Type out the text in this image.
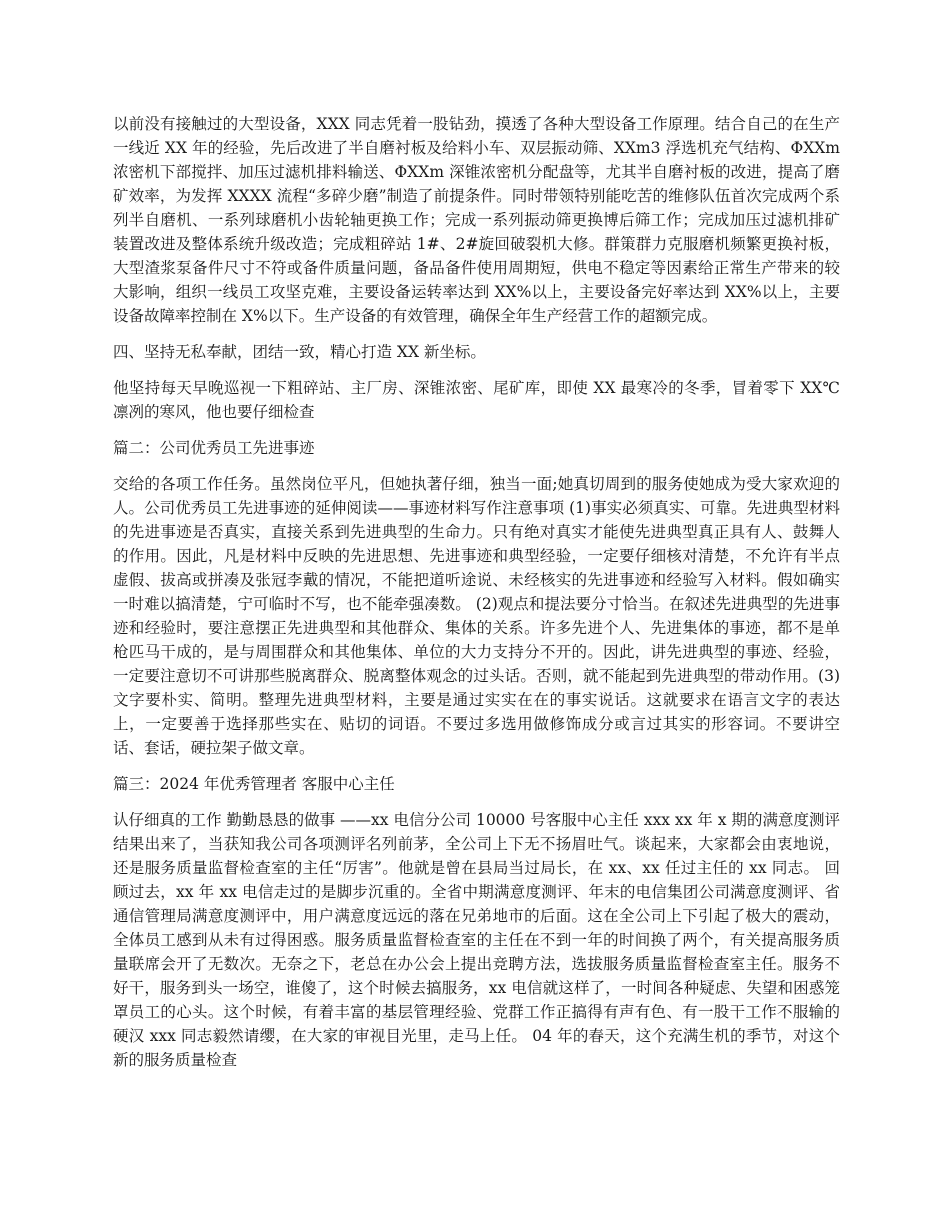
以前没有接触过的大型设备，XXX 同志凭着一股钻劲，摸透了各种大型设备工作原理。结合自己的在生产一线近 XX 年的经验，先后改进了半自磨衬板及给料小车、双层振动筛、XXm3 浮选机充气结构、ΦXXm 浓密机下部搅拌、加压过滤机排料输送、ΦXXm 深锥浓密机分配盘等，尤其半自磨衬板的改进，提高了磨矿效率，为发挥 XXXX 流程“多碎少磨”制造了前提条件。同时带领特别能吃苦的维修队伍首次完成两个系列半自磨机、一系列球磨机小齿轮轴更换工作；完成一系列振动筛更换博后筛工作；完成加压过滤机排矿装置改进及整体系统升级改造；完成粗碎站 1#、2#旋回破裂机大修。群策群力克服磨机频繁更换衬板，大型渣浆泵备件尺寸不符或备件质量问题，备品备件使用周期短，供电不稳定等因素给正常生产带来的较大影响，组织一线员工攻坚克难，主要设备运转率达到 XX%以上，主要设备完好率达到 XX%以上，主要设备故障率控制在 X%以下。生产设备的有效管理，确保全年生产经营工作的超额完成。

四、坚持无私奉献，团结一致，精心打造 XX 新坐标。

他坚持每天早晚巡视一下粗碎站、主厂房、深锥浓密、尾矿库，即使 XX 最寒冷的冬季，冒着零下 XX℃凛冽的寒风，他也要仔细检查

篇二：公司优秀员工先进事迹

交给的各项工作任务。虽然岗位平凡，但她执著仔细，独当一面;她真切周到的服务使她成为受大家欢迎的人。公司优秀员工先进事迹的延伸阅读——事迹材料写作注意事项 (1)事实必须真实、可靠。先进典型材料的先进事迹是否真实，直接关系到先进典型的生命力。只有绝对真实才能使先进典型真正具有人、鼓舞人的作用。因此，凡是材料中反映的先进思想、先进事迹和典型经验，一定要仔细核对清楚，不允许有半点虚假、拔高或拼凑及张冠李戴的情况，不能把道听途说、未经核实的先进事迹和经验写入材料。假如确实一时难以搞清楚，宁可临时不写，也不能牵强凑数。 (2)观点和提法要分寸恰当。在叙述先进典型的先进事迹和经验时，要注意摆正先进典型和其他群众、集体的关系。许多先进个人、先进集体的事迹，都不是单枪匹马干成的，是与周围群众和其他集体、单位的大力支持分不开的。因此，讲先进典型的事迹、经验，一定要注意切不可讲那些脱离群众、脱离整体观念的过头话。否则，就不能起到先进典型的带动作用。(3)文字要朴实、简明。整理先进典型材料，主要是通过实实在在的事实说话。这就要求在语言文字的表达上，一定要善于选择那些实在、贴切的词语。不要过多选用做修饰成分或言过其实的形容词。不要讲空话、套话，硬拉架子做文章。

篇三：2024 年优秀管理者 客服中心主任

认仔细真的工作 勤勤恳恳的做事 ——xx 电信分公司 10000 号客服中心主任 xxx xx 年 x 期的满意度测评结果出来了，当获知我公司各项测评名列前茅，全公司上下无不扬眉吐气。谈起来，大家都会由衷地说，还是服务质量监督检查室的主任“厉害”。他就是曾在县局当过局长，在 xx、xx 任过主任的 xx 同志。 回顾过去，xx 年 xx 电信走过的是脚步沉重的。全省中期满意度测评、年末的电信集团公司满意度测评、省通信管理局满意度测评中，用户满意度远远的落在兄弟地市的后面。这在全公司上下引起了极大的震动，全体员工感到从未有过得困惑。服务质量监督检查室的主任在不到一年的时间换了两个，有关提高服务质量联席会开了无数次。无奈之下，老总在办公会上提出竞聘方法，选拔服务质量监督检查室主任。服务不好干，服务到头一场空，谁傻了，这个时候去搞服务，xx 电信就这样了，一时间各种疑虑、失望和困惑笼罩员工的心头。这个时候，有着丰富的基层管理经验、党群工作正搞得有声有色、有一股干工作不服输的硬汉 xxx 同志毅然请缨，在大家的审视目光里，走马上任。 04 年的春天，这个充满生机的季节，对这个新的服务质量检查
